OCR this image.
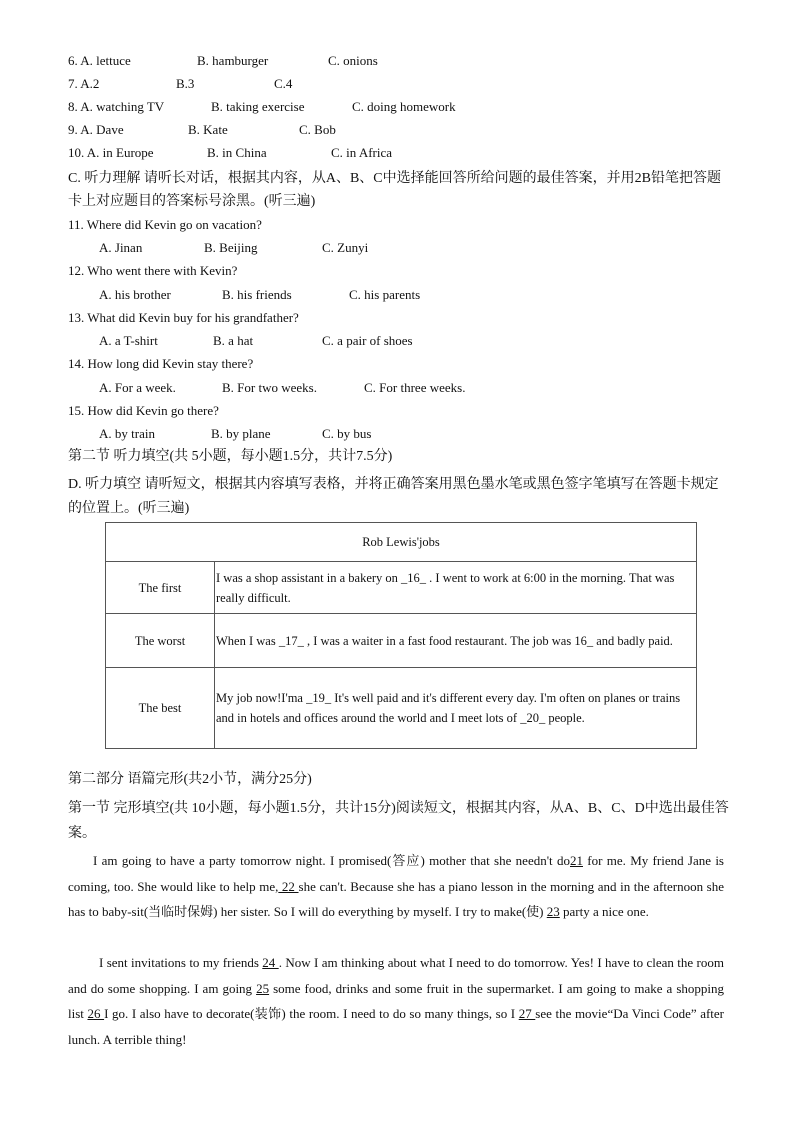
6. A. lettuce	B. hamburger	C. onions
7. A.2	B.3	C.4
8. A. watching TV	B. taking exercise	C. doing homework
9. A. Dave	B. Kate	C. Bob
10. A. in Europe	B. in China	C. in Africa
C. 听力理解 请听长对话，根据其内容，从A、B、C中选择能回答所给问题的最佳答案，并用2B铅笔把答题
卡上对应题目的答案标号涂黑。(听三遍)
11. Where did Kevin go on vacation?
A. Jinan	B. Beijing	C. Zunyi
12. Who went there with Kevin?
A. his brother	B. his friends	C. his parents
13. What did Kevin buy for his grandfather?
A. a T-shirt	B. a hat	C. a pair of shoes
14. How long did Kevin stay there?
A. For a week.	B. For two weeks.	C. For three weeks.
15. How did Kevin go there?
A. by train	B. by plane	C. by bus
第二节 听力填空(共 5小题，每小题1.5分，共计7.5分)
D. 听力填空 请听短文，根据其内容填写表格，并将正确答案用黑色墨水笔或黑色签字笔填写在答题卡规定
的位置上。(听三遍)
Rob Lewis'jobs	
The first	I was a shop assistant in a bakery on _16_ . I went to work at 6:00 in the morning. That was really difficult.
The worst	When I was _17_ , I was a waiter in a fast food restaurant. The job was 16_ and badly paid.
The best	My job now!I'ma _19_ It's well paid and it's different every day. I'm often on planes or trains and in hotels and offices around the world and I meet lots of _20_ people.
第二部分 语篇完形(共2小节，满分25分)
第一节 完形填空(共 10小题，每小题1.5分，共计15分)阅读短文，根据其内容，从A、B、C、D中选出最佳答
案。
I am going to have a party tomorrow night. I promised(答应) mother that she needn't do21 for me. My friend Jane is coming, too. She would like to help me, 22 she can't. Because she has a piano lesson in the morning and in the afternoon she has to baby-sit(当临时保姆) her sister. So I will do everything by myself. I try to make(使) 23 party a nice one.
I sent invitations to my friends 24 . Now I am thinking about what I need to do tomorrow. Yes! I have to clean the room and do some shopping. I am going 25 some food, drinks and some fruit in the supermarket. I am going to make a shopping list 26 I go. I also have to decorate(装饰) the room. I need to do so many things, so I 27 see the movie“Da Vinci Code” after lunch. A terrible thing!
